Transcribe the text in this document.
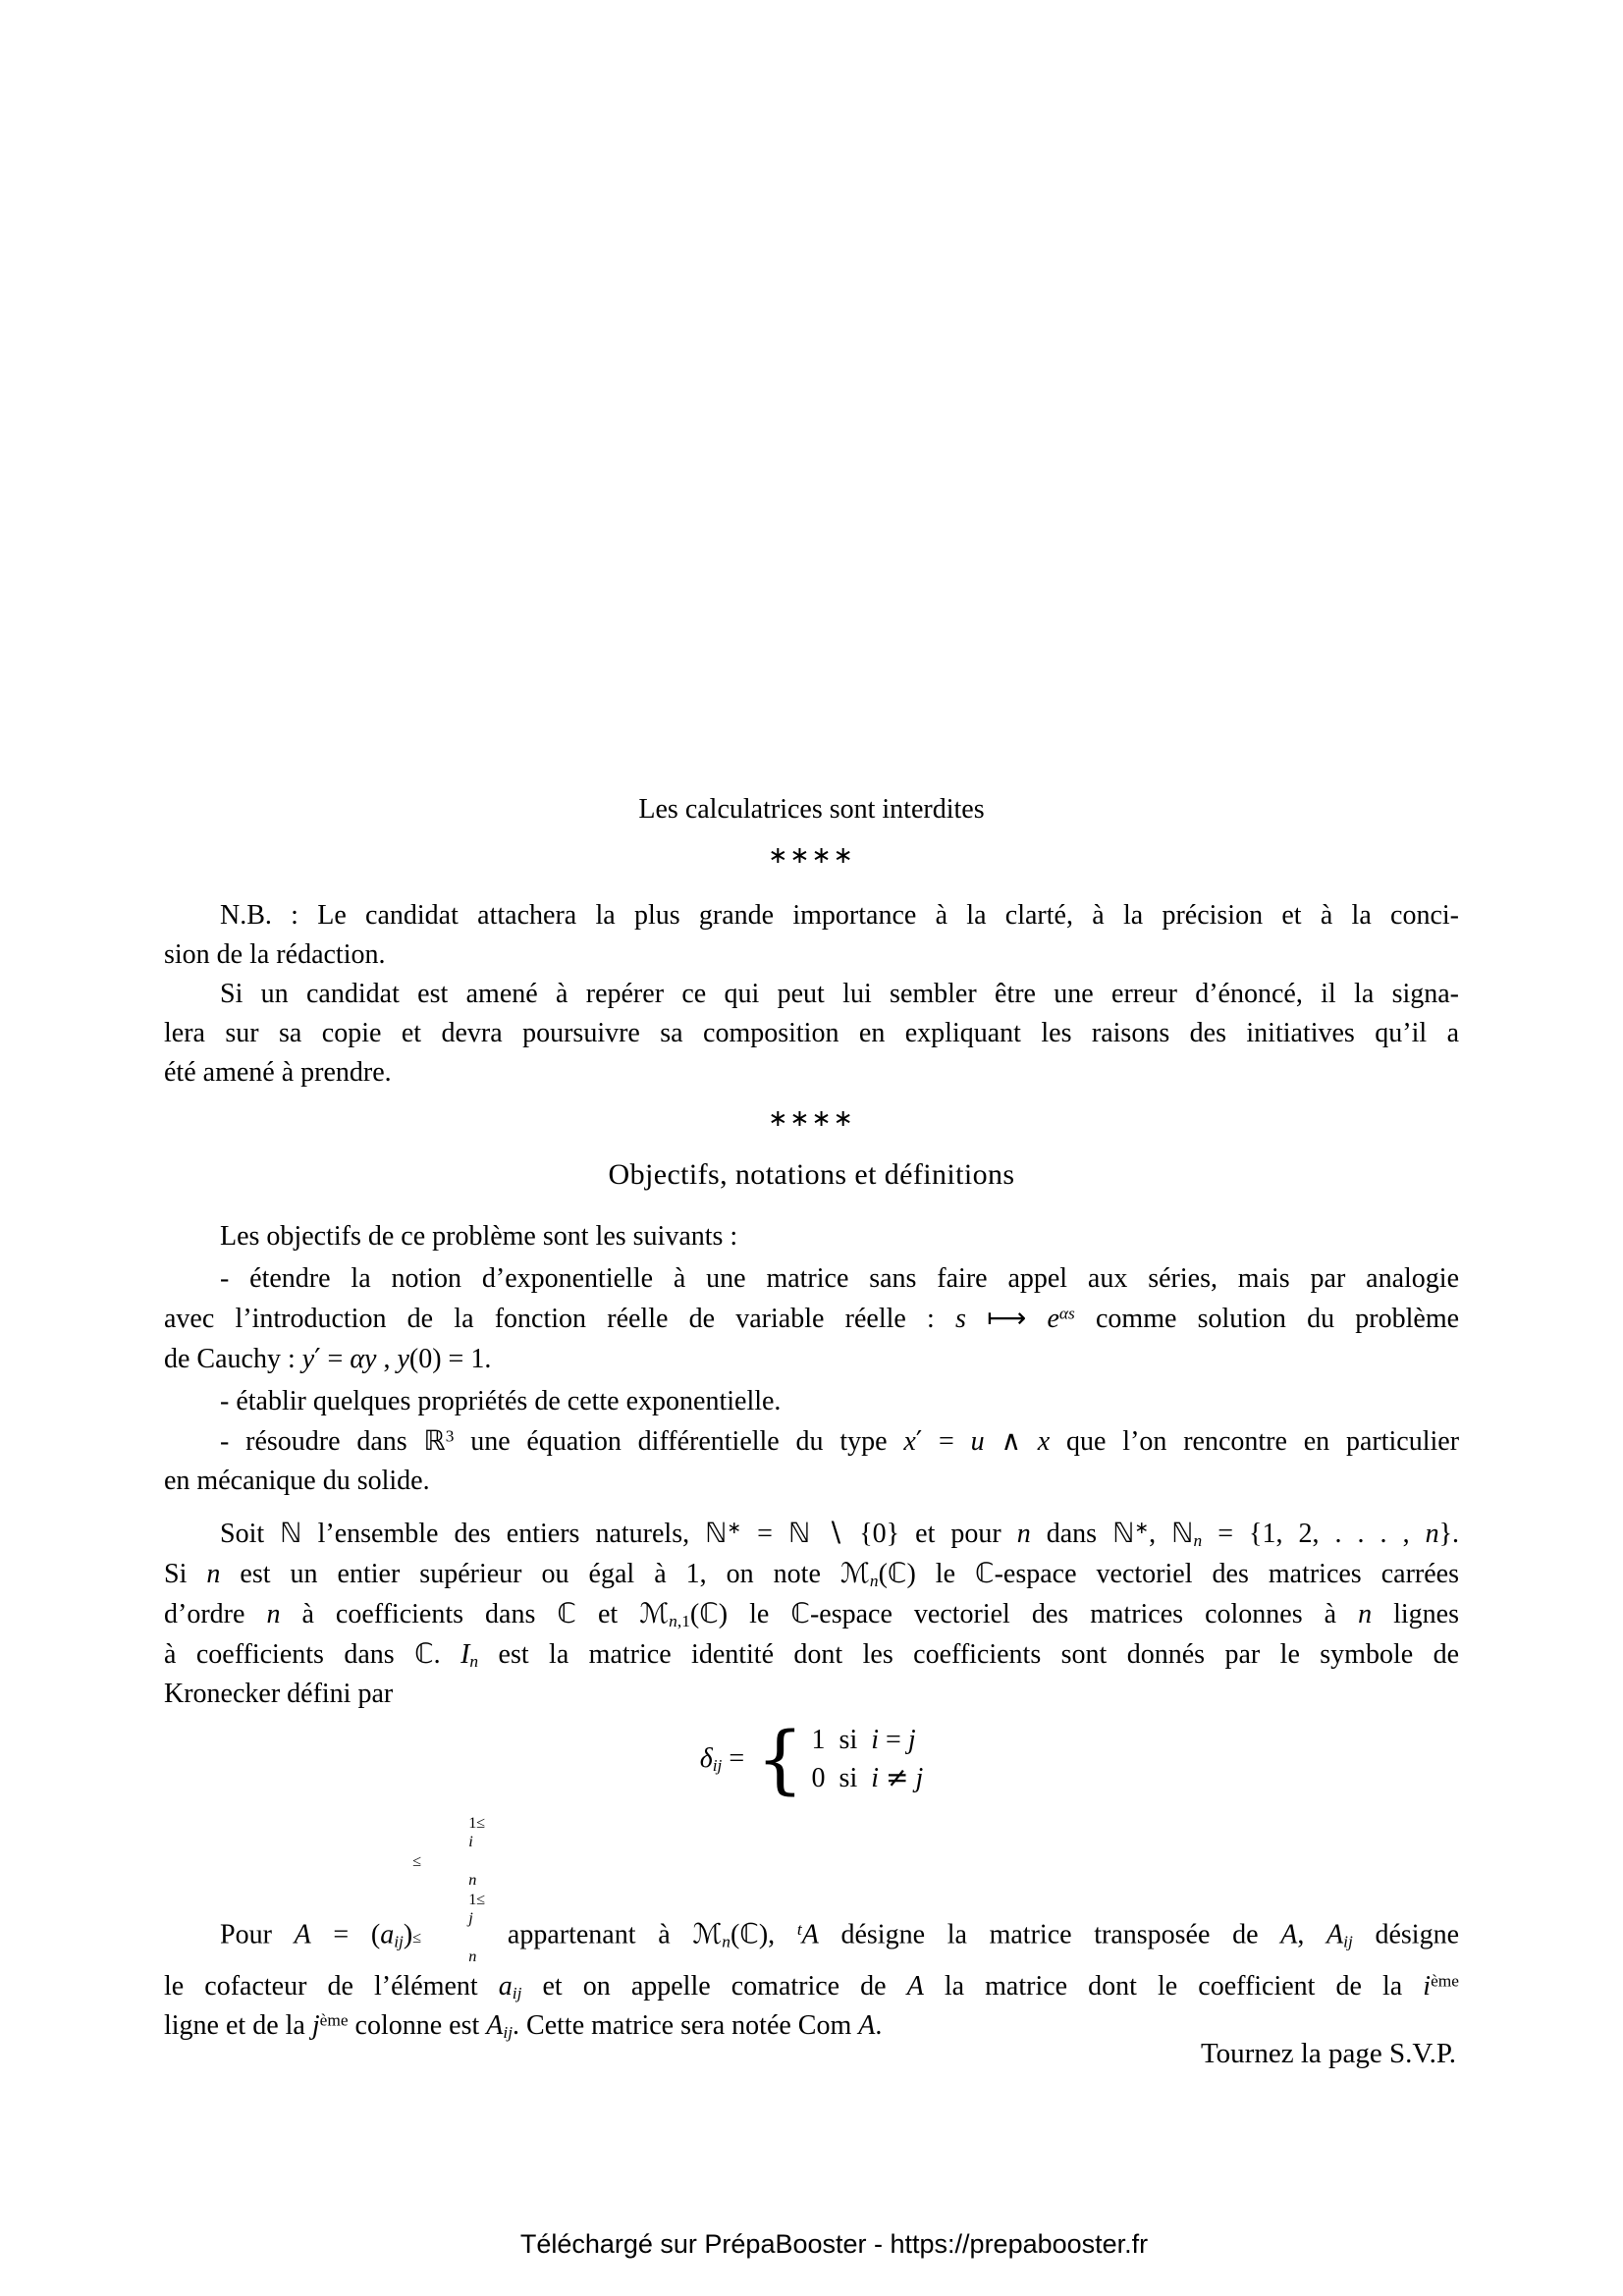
Les calculatrices sont interdites
∗∗∗∗
N.B. : Le candidat attachera la plus grande importance à la clarté, à la précision et à la conci-
sion de la rédaction.
Si un candidat est amené à repérer ce qui peut lui sembler être une erreur d’énoncé, il la signa-
lera sur sa copie et devra poursuivre sa composition en expliquant les raisons des initiatives qu’il a
été amené à prendre.
∗∗∗∗
Objectifs, notations et définitions
Les objectifs de ce problème sont les suivants :
- étendre la notion d’exponentielle à une matrice sans faire appel aux séries, mais par analogie
avec l’introduction de la fonction réelle de variable réelle : s ⟼ $e^{\alpha s}$ comme solution du problème
de Cauchy : y′ = αy , y(0) = 1.
- établir quelques propriétés de cette exponentielle.
- résoudre dans ℝ$^3$ une équation différentielle du type x′ = u ∧ x que l’on rencontre en particulier
en mécanique du solide.
Soit ℕ l’ensemble des entiers naturels, ℕ∗ = ℕ ∖ {0} et pour n dans ℕ∗, ℕ$_n$ = {1, 2, . . . , n}.
Si n est un entier supérieur ou égal à 1, on note ℳ$_n$(ℂ) le ℂ-espace vectoriel des matrices carrées
d’ordre n à coefficients dans ℂ et ℳ$_{n,1}$(ℂ) le ℂ-espace vectoriel des matrices colonnes à n lignes
à coefficients dans ℂ. $I_n$ est la matrice identité dont les coefficients sont donnés par le symbole de
Kronecker défini par
$\delta_{ij}$ = { 1  si  i = j
0  si  i ≠ j
Pour $A = (a_{ij})$
1≤
i
≤
n
1≤
j
≤
n
appartenant à ℳ$_n$(ℂ), $^t$A désigne la matrice transposée de A, $A_{ij}$ désigne
le cofacteur de l’élément $a_{ij}$ et on appelle comatrice de A la matrice dont le coefficient de la $i^{ème}$
ligne et de la $j^{ème}$ colonne est $A_{ij}$. Cette matrice sera notée Com A.
Tournez la page S.V.P.
Téléchargé sur PrépaBooster - https://prepabooster.fr
